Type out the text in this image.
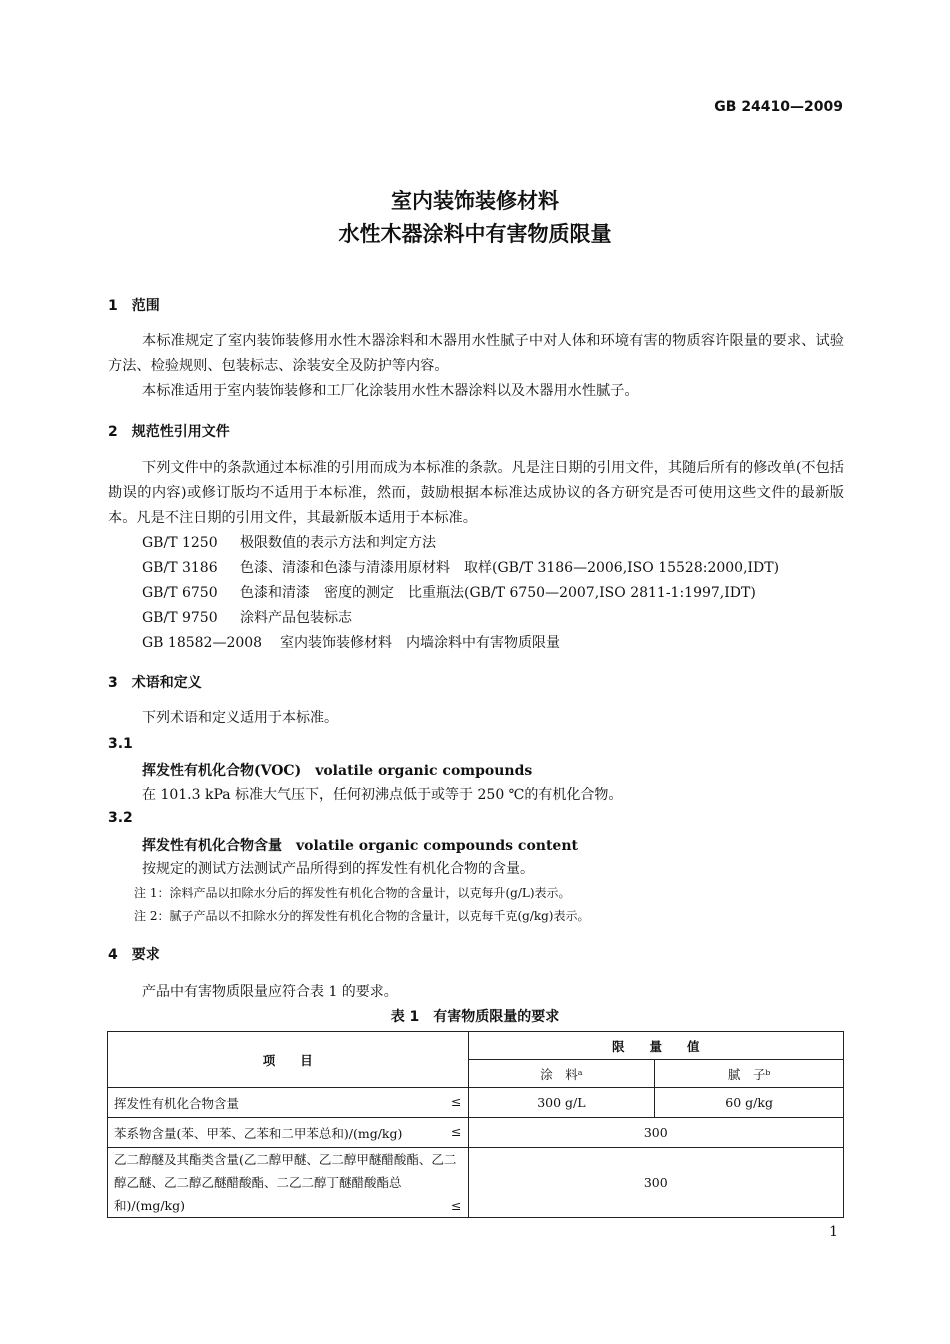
GB 24410—2009
室内装饰装修材料
水性木器涂料中有害物质限量
1　 范围
本标准规定了室内装饰装修用水性木器涂料和木器用水性腻子中对人体和环境有害的物质容许限量的要求、试验方法、检验规则、包装标志、涂装安全及防护等内容。
本标准适用于室内装饰装修和工厂化涂装用水性木器涂料以及木器用水性腻子。
2　 规范性引用文件
下列文件中的条款通过本标准的引用而成为本标准的条款。凡是注日期的引用文件，其随后所有的修改单(不包括勘误的内容)或修订版均不适用于本标准，然而，鼓励根据本标准达成协议的各方研究是否可使用这些文件的最新版本。凡是不注日期的引用文件，其最新版本适用于本标准。
GB/T 1250 极限数值的表示方法和判定方法
GB/T 3186 色漆、清漆和色漆与清漆用原材料　取样(GB/T 3186—2006,ISO 15528:2000,IDT)
GB/T 6750 色漆和清漆　密度的测定　比重瓶法(GB/T 6750—2007,ISO 2811-1:1997,IDT)
GB/T 9750 涂料产品包装标志
GB 18582—2008 室内装饰装修材料　内墙涂料中有害物质限量
3　 术语和定义
下列术语和定义适用于本标准。
3.1
挥发性有机化合物(VOC)　volatile organic compounds
在 101.3 kPa 标准大气压下，任何初沸点低于或等于 250 ℃的有机化合物。
3.2
挥发性有机化合物含量　volatile organic compounds content
按规定的测试方法测试产品所得到的挥发性有机化合物的含量。
注 1：涂料产品以扣除水分后的挥发性有机化合物的含量计，以克每升(g/L)表示。
注 2：腻子产品以不扣除水分的挥发性有机化合物的含量计，以克每千克(g/kg)表示。
4　 要求
产品中有害物质限量应符合表 1 的要求。
表 1　有害物质限量的要求
项　　目	限　　量　　值	
	涂　料ᵃ	腻　子ᵇ
挥发性有机化合物含量 ≤	300 g/L	60 g/kg
苯系物含量(苯、甲苯、乙苯和二甲苯总和)/(mg/kg) ≤	300	
乙二醇醚及其酯类含量(乙二醇甲醚、乙二醇甲醚醋酸酯、乙二醇乙醚、乙二醇乙醚醋酸酯、二乙二醇丁醚醋酸酯总和)/(mg/kg) ≤	300	
1
